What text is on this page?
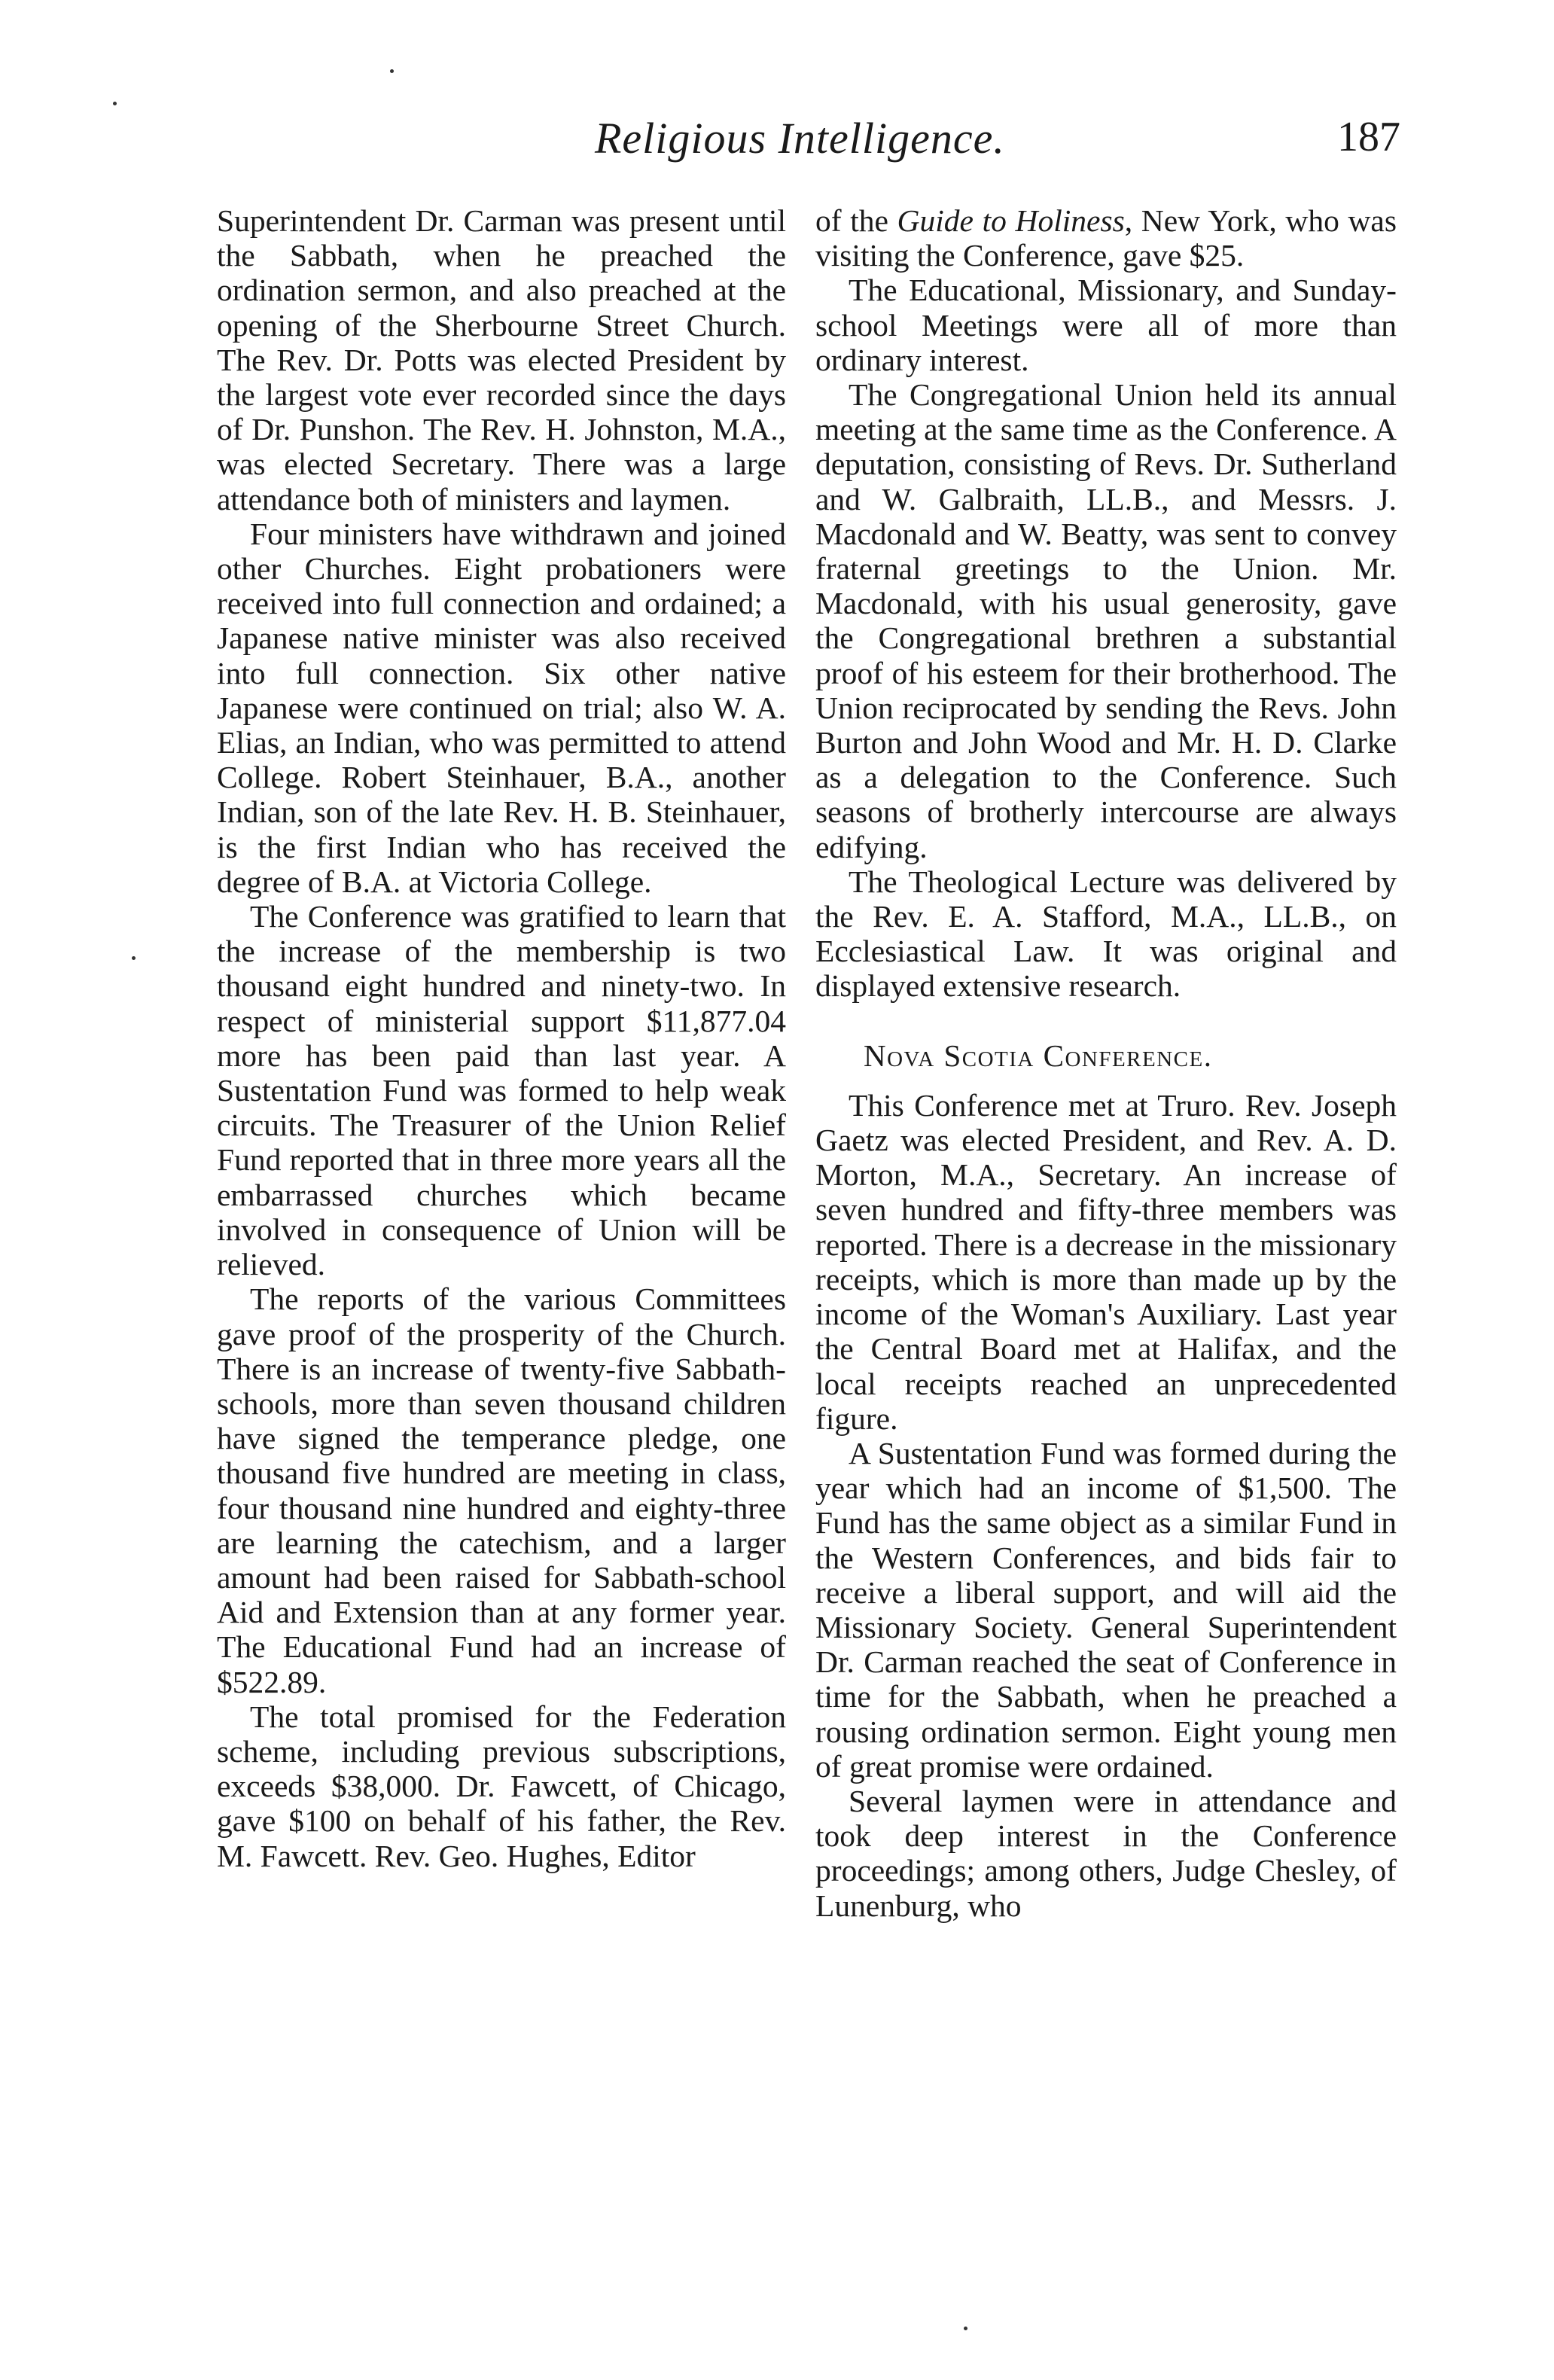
Religious Intelligence.	187

Superintendent Dr. Carman was present until the Sabbath, when he preached the ordination sermon, and also preached at the opening of the Sherbourne Street Church. The Rev. Dr. Potts was elected President by the largest vote ever recorded since the days of Dr. Punshon. The Rev. H. Johnston, M.A., was elected Secretary. There was a large attendance both of ministers and laymen.

Four ministers have withdrawn and joined other Churches. Eight probationers were received into full connection and ordained; a Japanese native minister was also received into full connection. Six other native Japanese were continued on trial; also W. A. Elias, an Indian, who was permitted to attend College. Robert Steinhauer, B.A., another Indian, son of the late Rev. H. B. Steinhauer, is the first Indian who has received the degree of B.A. at Victoria College.

The Conference was gratified to learn that the increase of the membership is two thousand eight hundred and ninety-two. In respect of ministerial support $11,877.04 more has been paid than last year. A Sustentation Fund was formed to help weak circuits. The Treasurer of the Union Relief Fund reported that in three more years all the embarrassed churches which became involved in consequence of Union will be relieved.

The reports of the various Committees gave proof of the prosperity of the Church. There is an increase of twenty-five Sabbath-schools, more than seven thousand children have signed the temperance pledge, one thousand five hundred are meeting in class, four thousand nine hundred and eighty-three are learning the catechism, and a larger amount had been raised for Sabbath-school Aid and Extension than at any former year. The Educational Fund had an increase of $522.89.

The total promised for the Federation scheme, including previous subscriptions, exceeds $38,000. Dr. Fawcett, of Chicago, gave $100 on behalf of his father, the Rev. M. Fawcett. Rev. Geo. Hughes, Editor

of the Guide to Holiness, New York, who was visiting the Conference, gave $25.

The Educational, Missionary, and Sunday-school Meetings were all of more than ordinary interest.

The Congregational Union held its annual meeting at the same time as the Conference. A deputation, consisting of Revs. Dr. Sutherland and W. Galbraith, LL.B., and Messrs. J. Macdonald and W. Beatty, was sent to convey fraternal greetings to the Union. Mr. Macdonald, with his usual generosity, gave the Congregational brethren a substantial proof of his esteem for their brotherhood. The Union reciprocated by sending the Revs. John Burton and John Wood and Mr. H. D. Clarke as a delegation to the Conference. Such seasons of brotherly intercourse are always edifying.

The Theological Lecture was delivered by the Rev. E. A. Stafford, M.A., LL.B., on Ecclesiastical Law. It was original and displayed extensive research.

Nova Scotia Conference.

This Conference met at Truro. Rev. Joseph Gaetz was elected President, and Rev. A. D. Morton, M.A., Secretary. An increase of seven hundred and fifty-three members was reported. There is a decrease in the missionary receipts, which is more than made up by the income of the Woman's Auxiliary. Last year the Central Board met at Halifax, and the local receipts reached an unprecedented figure.

A Sustentation Fund was formed during the year which had an income of $1,500. The Fund has the same object as a similar Fund in the Western Conferences, and bids fair to receive a liberal support, and will aid the Missionary Society. General Superintendent Dr. Carman reached the seat of Conference in time for the Sabbath, when he preached a rousing ordination sermon. Eight young men of great promise were ordained.

Several laymen were in attendance and took deep interest in the Conference proceedings; among others, Judge Chesley, of Lunenburg, who
